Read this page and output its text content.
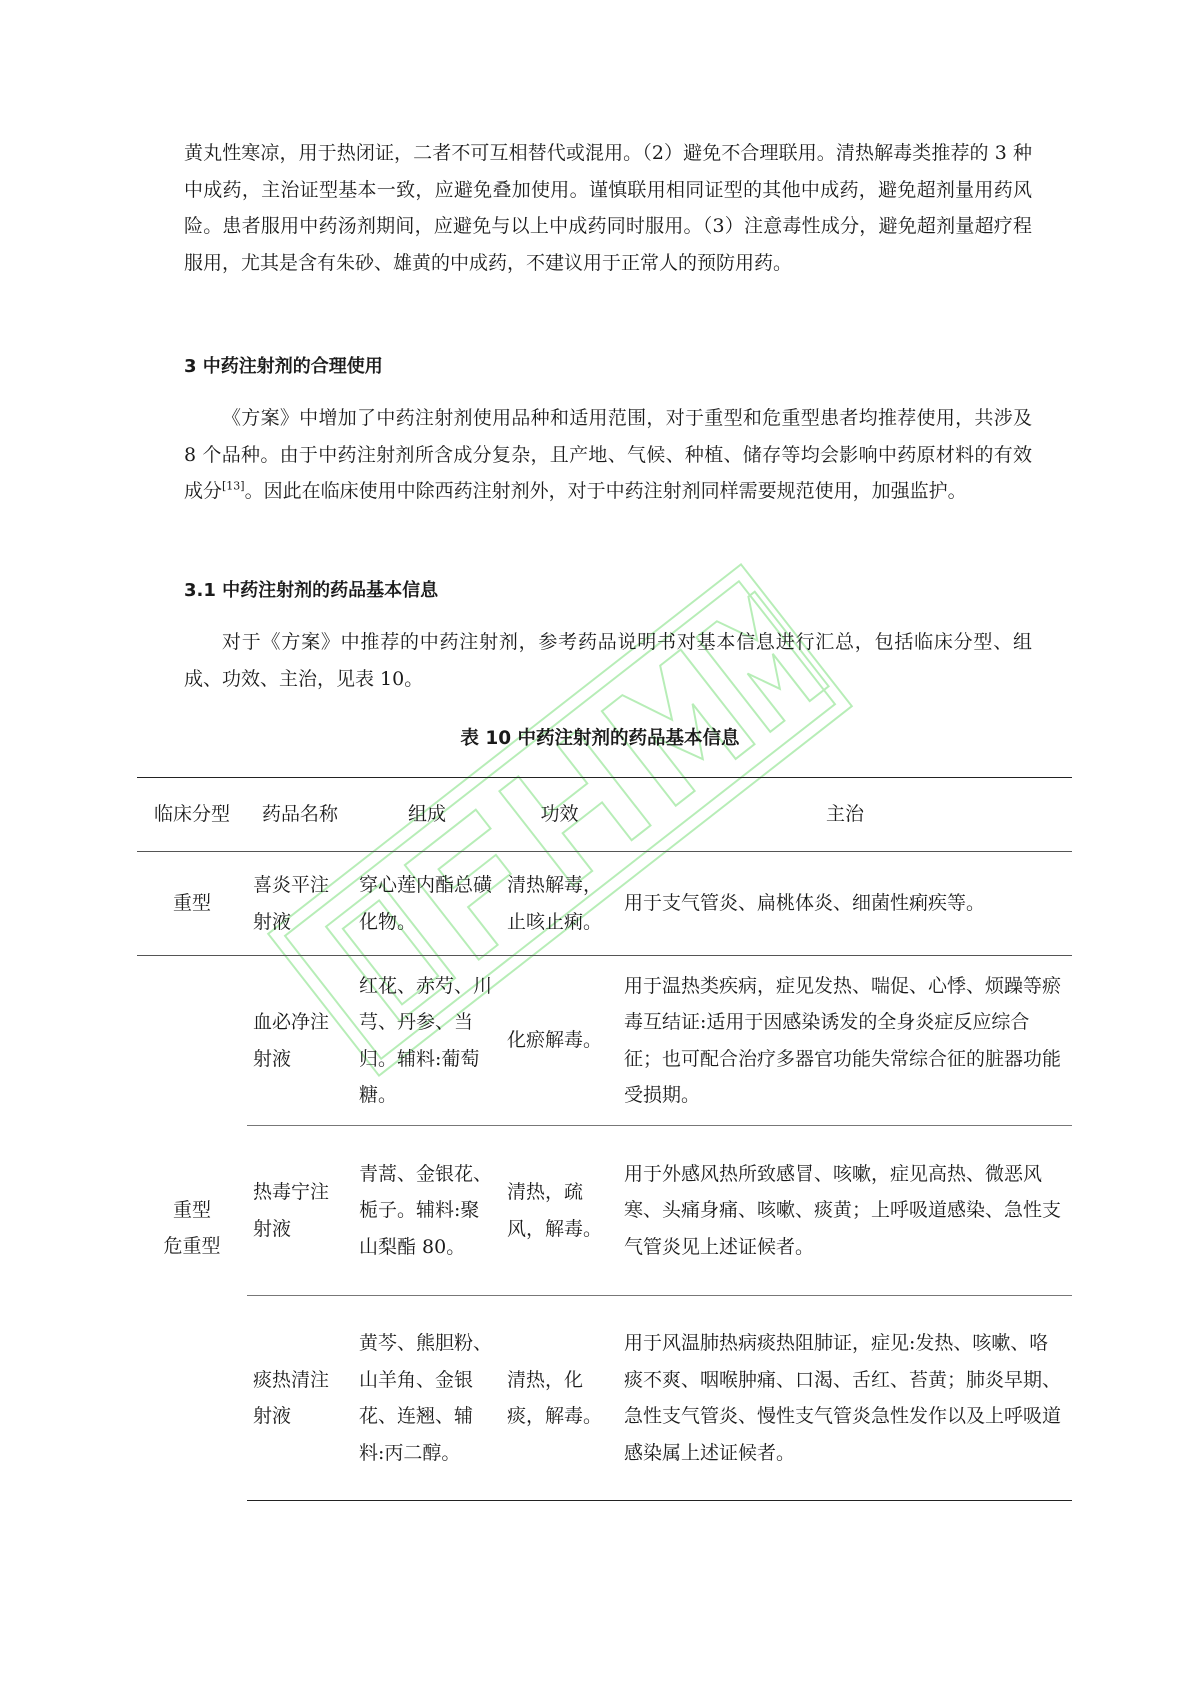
黄丸性寒凉，用于热闭证，二者不可互相替代或混用。（2）避免不合理联用。清热解毒类推荐的 3 种中成药，主治证型基本一致，应避免叠加使用。谨慎联用相同证型的其他中成药，避免超剂量用药风险。患者服用中药汤剂期间，应避免与以上中成药同时服用。（3）注意毒性成分，避免超剂量超疗程服用，尤其是含有朱砂、雄黄的中成药，不建议用于正常人的预防用药。

3 中药注射剂的合理使用

《方案》中增加了中药注射剂使用品种和适用范围，对于重型和危重型患者均推荐使用，共涉及 8 个品种。由于中药注射剂所含成分复杂，且产地、气候、种植、储存等均会影响中药原材料的有效成分[13]。因此在临床使用中除西药注射剂外，对于中药注射剂同样需要规范使用，加强监护。

3.1 中药注射剂的药品基本信息

对于《方案》中推荐的中药注射剂，参考药品说明书对基本信息进行汇总，包括临床分型、组成、功效、主治，见表 10。

表 10 中药注射剂的药品基本信息

临床分型	药品名称	组成	功效	主治
重型	喜炎平注射液	穿心莲内酯总磺化物。	清热解毒，止咳止痢。	用于支气管炎、扁桃体炎、细菌性痢疾等。

重型
危重型	血必净注射液	红花、赤芍、川芎、丹参、当归。辅料:葡萄糖。	化瘀解毒。	用于温热类疾病，症见发热、喘促、心悸、烦躁等瘀毒互结证:适用于因感染诱发的全身炎症反应综合征；也可配合治疗多器官功能失常综合征的脏器功能受损期。
	热毒宁注射液	青蒿、金银花、栀子。辅料:聚山梨酯 80。	清热，疏风，解毒。	用于外感风热所致感冒、咳嗽，症见高热、微恶风寒、头痛身痛、咳嗽、痰黄；上呼吸道感染、急性支气管炎见上述证候者。
	痰热清注射液	黄芩、熊胆粉、山羊角、金银花、连翘、辅料:丙二醇。	清热，化痰，解毒。	用于风温肺热病痰热阻肺证，症见:发热、咳嗽、咯痰不爽、咽喉肿痛、口渴、舌红、苔黄；肺炎早期、急性支气管炎、慢性支气管炎急性发作以及上呼吸道感染属上述证候者。
